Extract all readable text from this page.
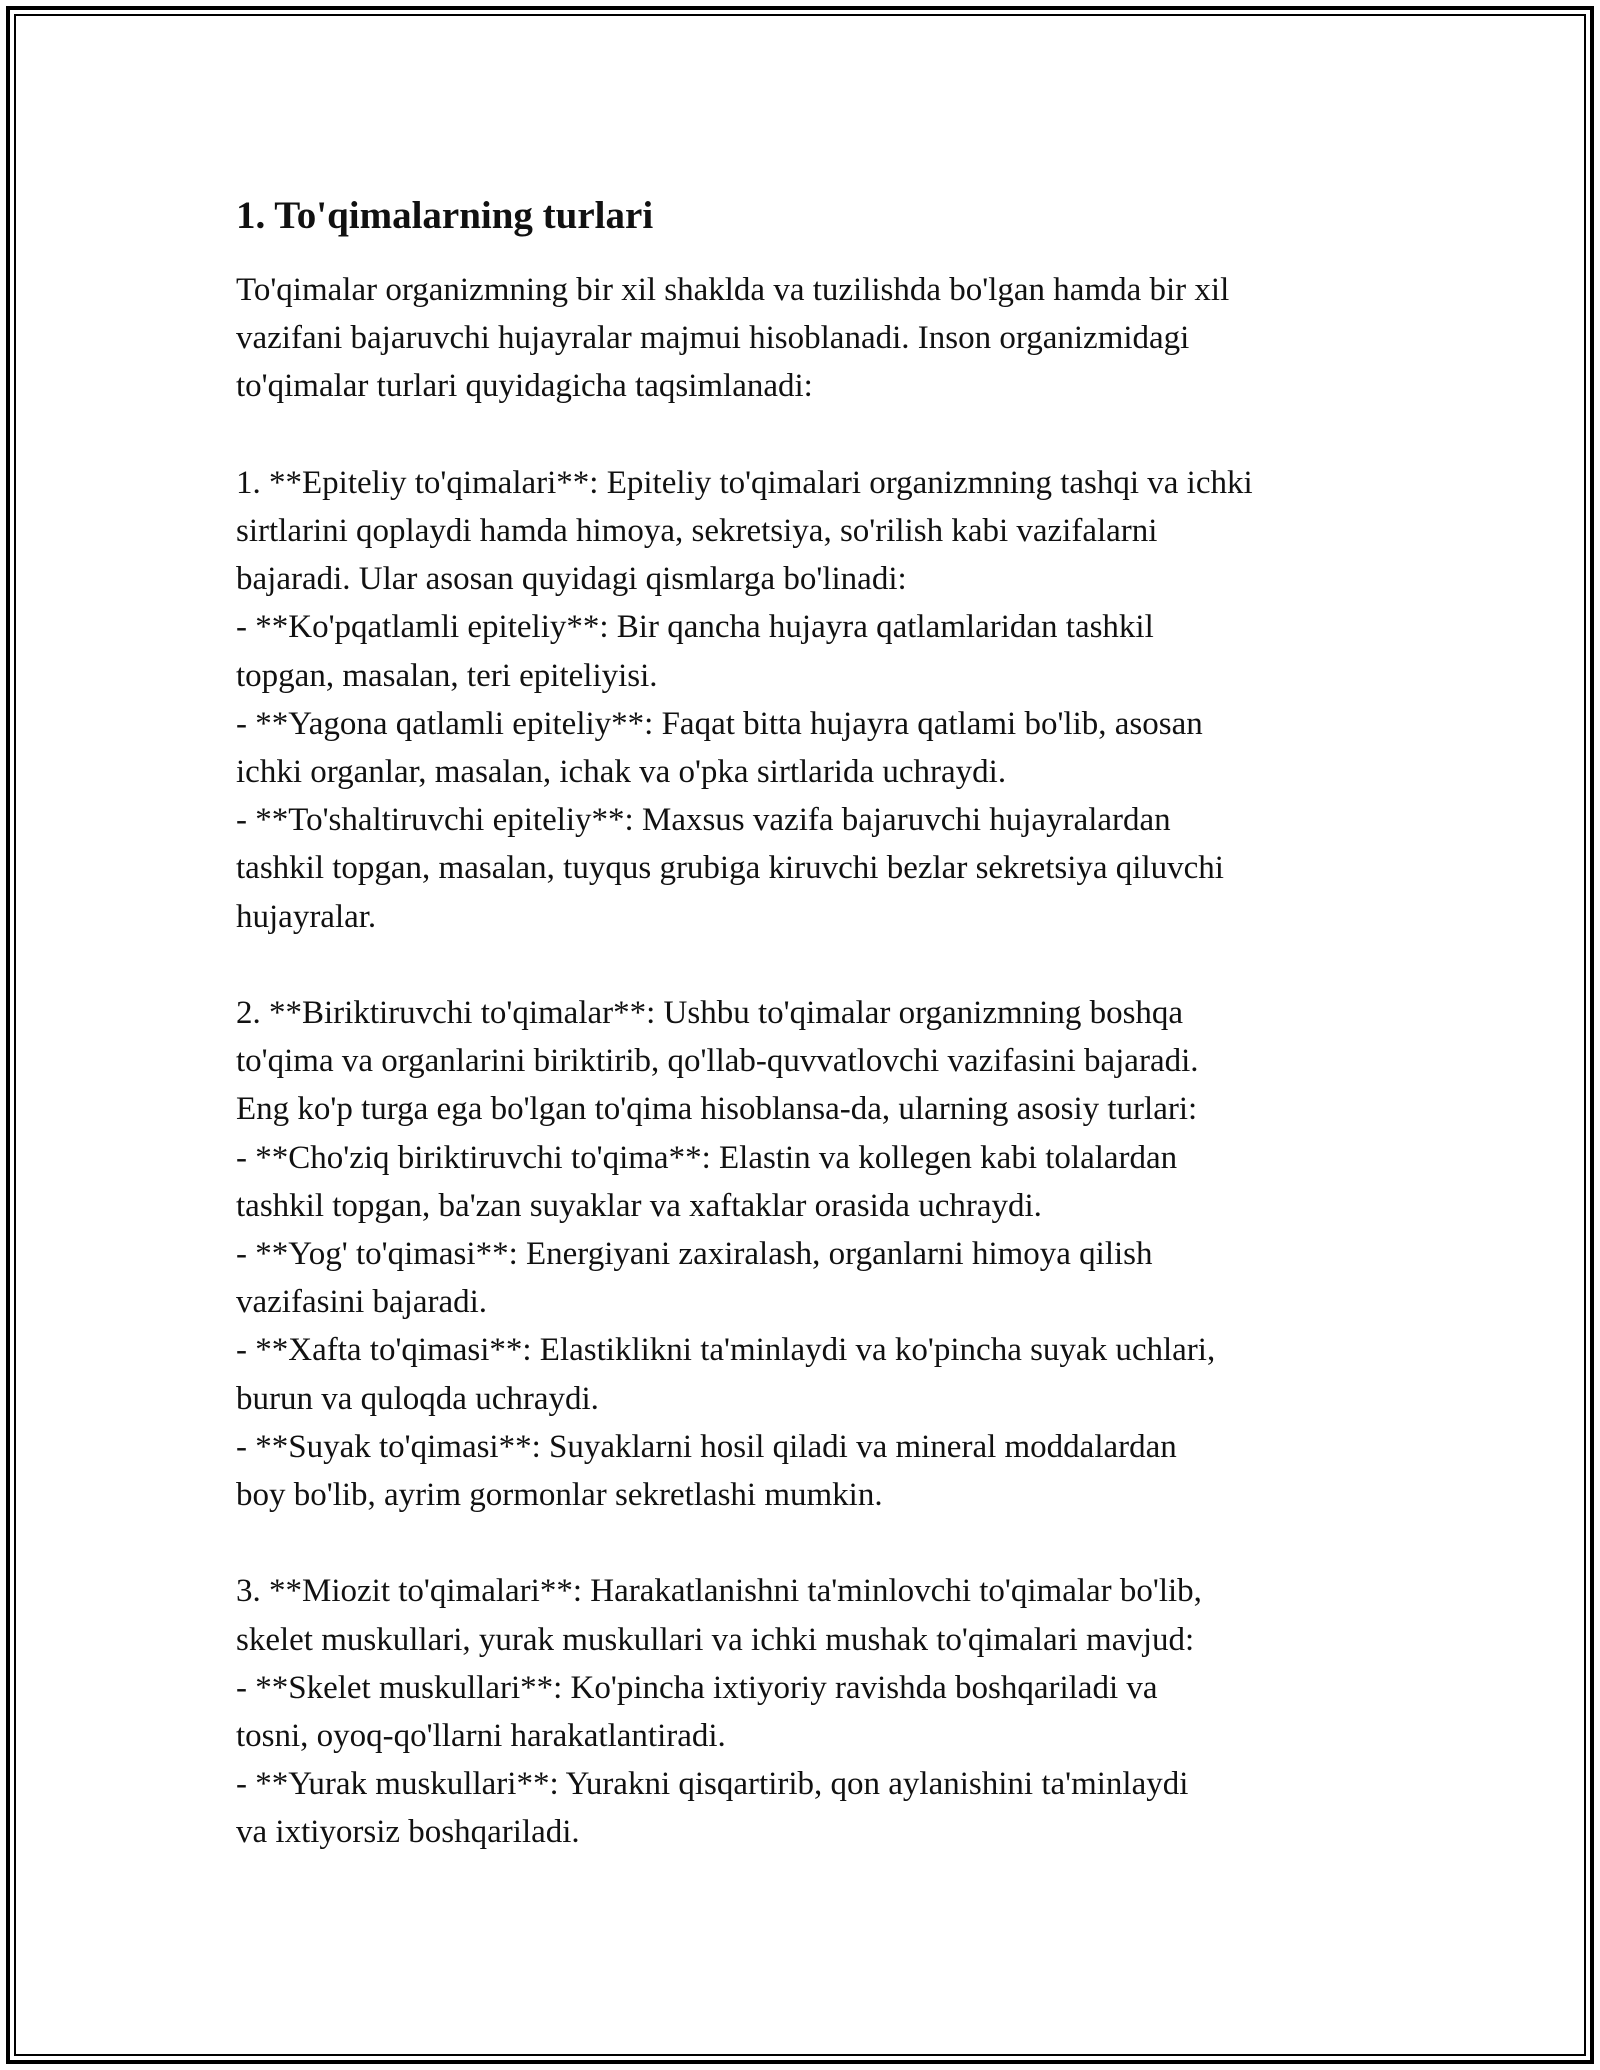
1. To'qimalarning turlari

To'qimalar organizmning bir xil shaklda va tuzilishda bo'lgan hamda bir xil
vazifani bajaruvchi hujayralar majmui hisoblanadi. Inson organizmidagi
to'qimalar turlari quyidagicha taqsimlanadi:

1. **Epiteliy to'qimalari**: Epiteliy to'qimalari organizmning tashqi va ichki
sirtlarini qoplaydi hamda himoya, sekretsiya, so'rilish kabi vazifalarni
bajaradi. Ular asosan quyidagi qismlarga bo'linadi:
- **Ko'pqatlamli epiteliy**: Bir qancha hujayra qatlamlaridan tashkil
topgan, masalan, teri epiteliyisi.
- **Yagona qatlamli epiteliy**: Faqat bitta hujayra qatlami bo'lib, asosan
ichki organlar, masalan, ichak va o'pka sirtlarida uchraydi.
- **To'shaltiruvchi epiteliy**: Maxsus vazifa bajaruvchi hujayralardan
tashkil topgan, masalan, tuyqus grubiga kiruvchi bezlar sekretsiya qiluvchi
hujayralar.

2. **Biriktiruvchi to'qimalar**: Ushbu to'qimalar organizmning boshqa
to'qima va organlarini biriktirib, qo'llab-quvvatlovchi vazifasini bajaradi.
Eng ko'p turga ega bo'lgan to'qima hisoblansa-da, ularning asosiy turlari:
- **Cho'ziq biriktiruvchi to'qima**: Elastin va kollegen kabi tolalardan
tashkil topgan, ba'zan suyaklar va xaftaklar orasida uchraydi.
- **Yog' to'qimasi**: Energiyani zaxiralash, organlarni himoya qilish
vazifasini bajaradi.
- **Xafta to'qimasi**: Elastiklikni ta'minlaydi va ko'pincha suyak uchlari,
burun va quloqda uchraydi.
- **Suyak to'qimasi**: Suyaklarni hosil qiladi va mineral moddalardan
boy bo'lib, ayrim gormonlar sekretlashi mumkin.

3. **Miozit to'qimalari**: Harakatlanishni ta'minlovchi to'qimalar bo'lib,
skelet muskullari, yurak muskullari va ichki mushak to'qimalari mavjud:
- **Skelet muskullari**: Ko'pincha ixtiyoriy ravishda boshqariladi va
tosni, oyoq-qo'llarni harakatlantiradi.
- **Yurak muskullari**: Yurakni qisqartirib, qon aylanishini ta'minlaydi
va ixtiyorsiz boshqariladi.
